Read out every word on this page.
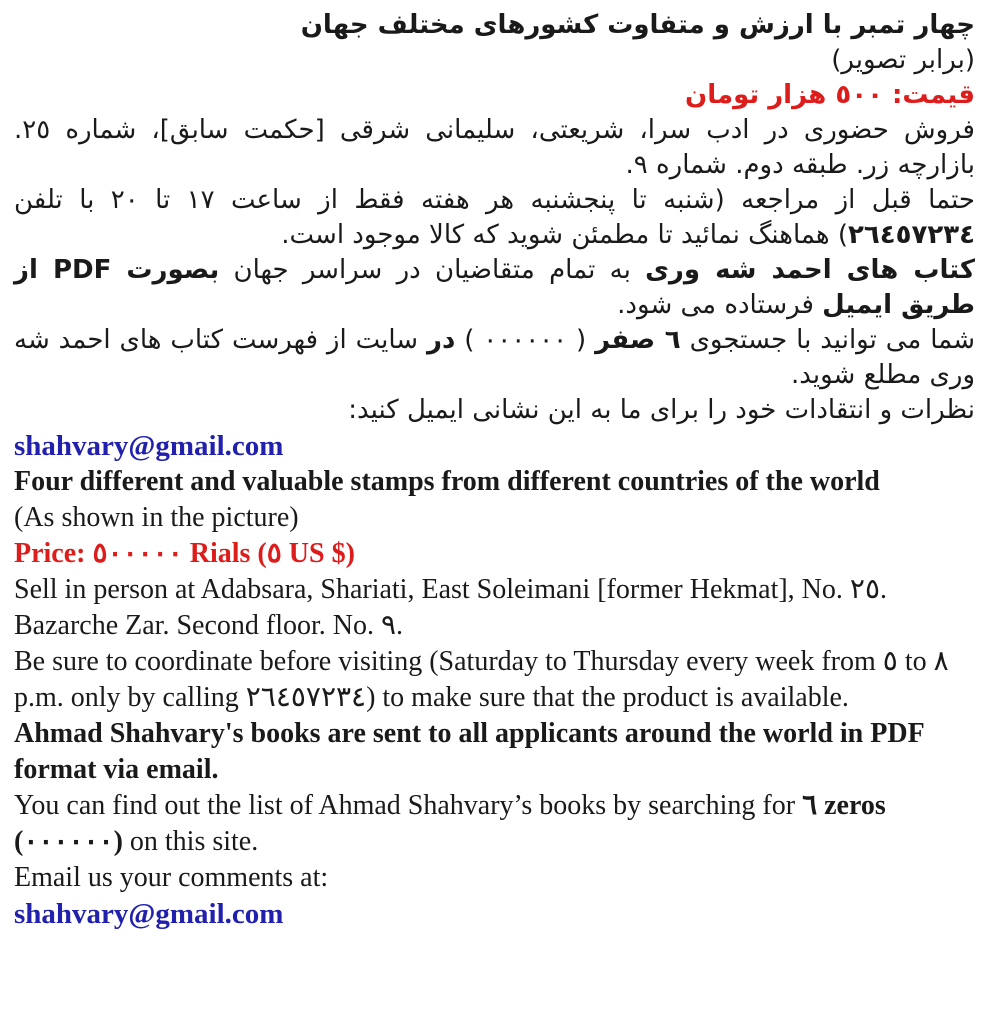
چهار تمبر با ارزش و متفاوت کشورهای مختلف جهان
(برابر تصویر)
قیمت: ٥٠٠ هزار تومان
فروش حضوری در ادب سرا، شریعتی، سلیمانی شرقی [حکمت سابق]، شماره ٢٥. بازارچه زر. طبقه دوم. شماره ٩.
حتما قبل از مراجعه (شنبه تا پنجشنبه هر هفته فقط از ساعت ١٧ تا ٢٠ با تلفن ٢٦٤٥٧٢٣٤) هماهنگ نمائید تا مطمئن شوید که کالا موجود است.
کتاب های احمد شه وری به تمام متقاضیان در سراسر جهان بصورت PDF از طریق ایمیل فرستاده می شود.
شما می توانید با جستجوی ٦ صفر ( ٠٠٠٠٠٠ ) در سایت از فهرست کتاب های احمد شه وری مطلع شوید.
نظرات و انتقادات خود را برای ما به این نشانی ایمیل کنید:
shahvary@gmail.com
Four different and valuable stamps from different countries of the world
(As shown in the picture)
Price: ٥٠٠٠٠٠ Rials (٥ US $)
Sell in person at Adabsara, Shariati, East Soleimani [former Hekmat], No. ٢٥. Bazarche Zar. Second floor. No. ٩.
Be sure to coordinate before visiting (Saturday to Thursday every week from ٥ to ٨ p.m. only by calling ٢٦٤٥٧٢٣٤) to make sure that the product is available.
Ahmad Shahvary's books are sent to all applicants around the world in PDF format via email.
You can find out the list of Ahmad Shahvary’s books by searching for ٦ zeros (٠٠٠٠٠٠) on this site.
Email us your comments at:
shahvary@gmail.com
